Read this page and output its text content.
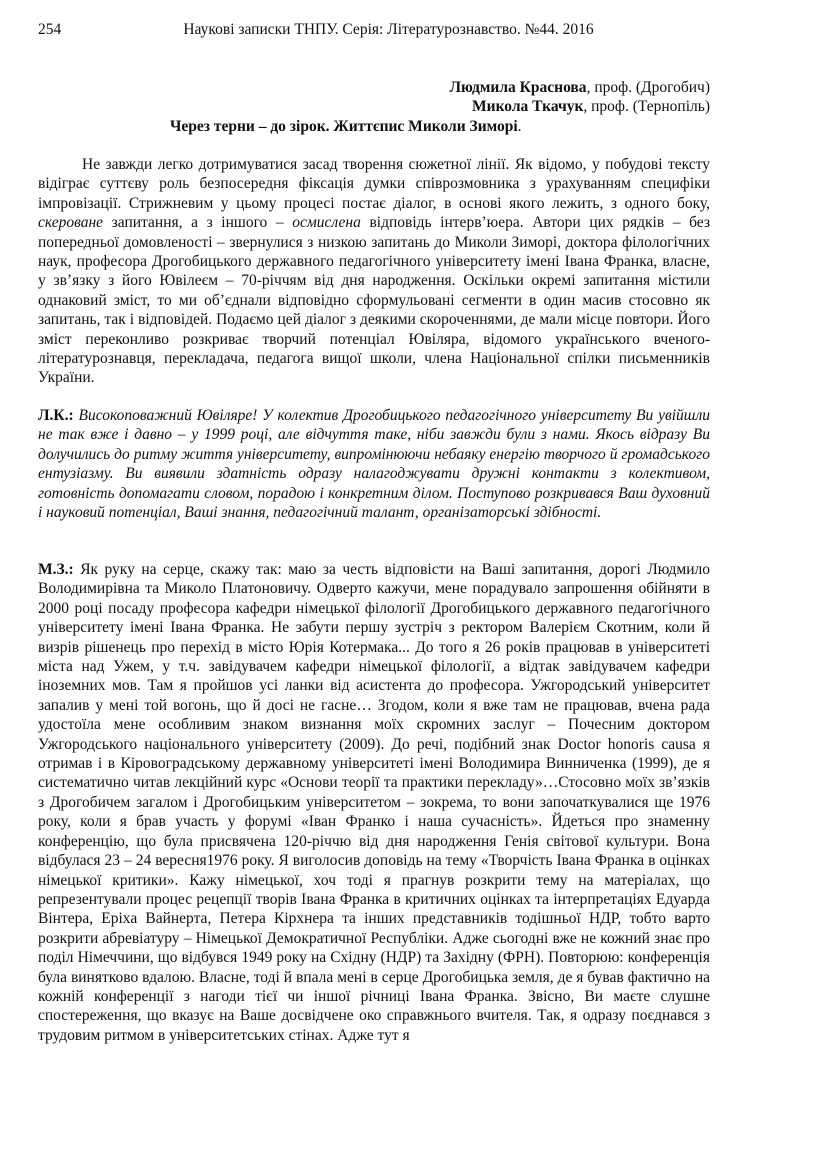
254	Наукові записки ТНПУ. Серія: Літературознавство. №44. 2016
Людмила Краснова, проф. (Дрогобич)
Микола Ткачук, проф. (Тернопіль)
Через терни – до зірок. Життєпис Миколи Зиморі.

Не завжди легко дотримуватися засад творення сюжетної лінії. Як відомо, у побудові тексту відіграє суттєву роль безпосередня фіксація думки співрозмовника з урахуванням специфіки імпровізації. Стрижневим у цьому процесі постає діалог, в основі якого лежить, з одного боку, скероване запитання, а з іншого – осмислена відповідь інтерв’юера. Автори цих рядків – без попередньої домовленості – звернулися з низкою запитань до Миколи Зиморі, доктора філологічних наук, професора Дрогобицького державного педагогічного університету імені Івана Франка, власне, у зв’язку з його Ювілеєм – 70-річчям від дня народження. Оскільки окремі запитання містили однаковий зміст, то ми об’єднали відповідно сформульовані сегменти в один масив стосовно як запитань, так і відповідей. Подаємо цей діалог з деякими скороченнями, де мали місце повтори. Його зміст переконливо розкриває творчий потенціал Ювіляра, відомого українського вченого-літературознавця, перекладача, педагога вищої школи, члена Національної спілки письменників України.

Л.К.: Високоповажний Ювіляре! У колектив Дрогобицького педагогічного університету Ви увійшли не так вже і давно – у 1999 році, але відчуття таке, ніби завжди були з нами. Якось відразу Ви долучились до ритму життя університету, випромінюючи небаяку енергію творчого й громадського ентузіазму. Ви виявили здатність одразу налагоджувати дружні контакти з колективом, готовність допомагати словом, порадою і конкретним ділом. Поступово розкривався Ваш духовний і науковий потенціал, Ваші знання, педагогічний талант, організаторські здібності.

М.З.: Як руку на серце, скажу так: маю за честь відповісти на Ваші запитання, дорогі Людмило Володимирівна та Миколо Платоновичу. Одверто кажучи, мене порадувало запрошення обійняти в 2000 році посаду професора кафедри німецької філології Дрогобицького державного педагогічного університету імені Івана Франка. Не забути першу зустріч з ректором Валерієм Скотним, коли й визрів рішенець про перехід в місто Юрія Котермака... До того я 26 років працював в університеті міста над Ужем, у т.ч. завідувачем кафедри німецької філології, а відтак завідувачем кафедри іноземних мов. Там я пройшов усі ланки від асистента до професора. Ужгородський університет запалив у мені той вогонь, що й досі не гасне… Згодом, коли я вже там не працював, вчена рада удостоїла мене особливим знаком визнання моїх скромних заслуг – Почесним доктором Ужгородського національного університету (2009). До речі, подібний знак Doctor honoris causa я отримав і в Кіровоградському державному університеті імені Володимира Винниченка (1999), де я систематично читав лекційний курс «Основи теорії та практики перекладу»…Стосовно моїх зв’язків з Дрогобичем загалом і Дрогобицьким університетом – зокрема, то вони започаткувалися ще 1976 року, коли я брав участь у форумі «Іван Франко і наша сучасність». Йдеться про знаменну конференцію, що була присвячена 120-річчю від дня народження Генія світової культури. Вона відбулася 23 – 24 вересня1976 року. Я виголосив доповідь на тему «Творчість Івана Франка в оцінках німецької критики». Кажу німецької, хоч тоді я прагнув розкрити тему на матеріалах, що репрезентували процес рецепції творів Івана Франка в критичних оцінках та інтерпретаціях Едуарда Вінтера, Еріха Вайнерта, Петера Кірхнера та інших представників тодішньої НДР, тобто варто розкрити абревіатуру – Німецької Демократичної Республіки. Адже сьогодні вже не кожний знає про поділ Німеччини, що відбувся 1949 року на Східну (НДР) та Західну (ФРН). Повторюю: конференція була винятково вдалою. Власне, тоді й впала мені в серце Дрогобицька земля, де я бував фактично на кожній конференції з нагоди тієї чи іншої річниці Івана Франка. Звісно, Ви маєте слушне спостереження, що вказує на Ваше досвідчене око справжнього вчителя. Так, я одразу поєднався з трудовим ритмом в університетських стінах. Адже тут я
